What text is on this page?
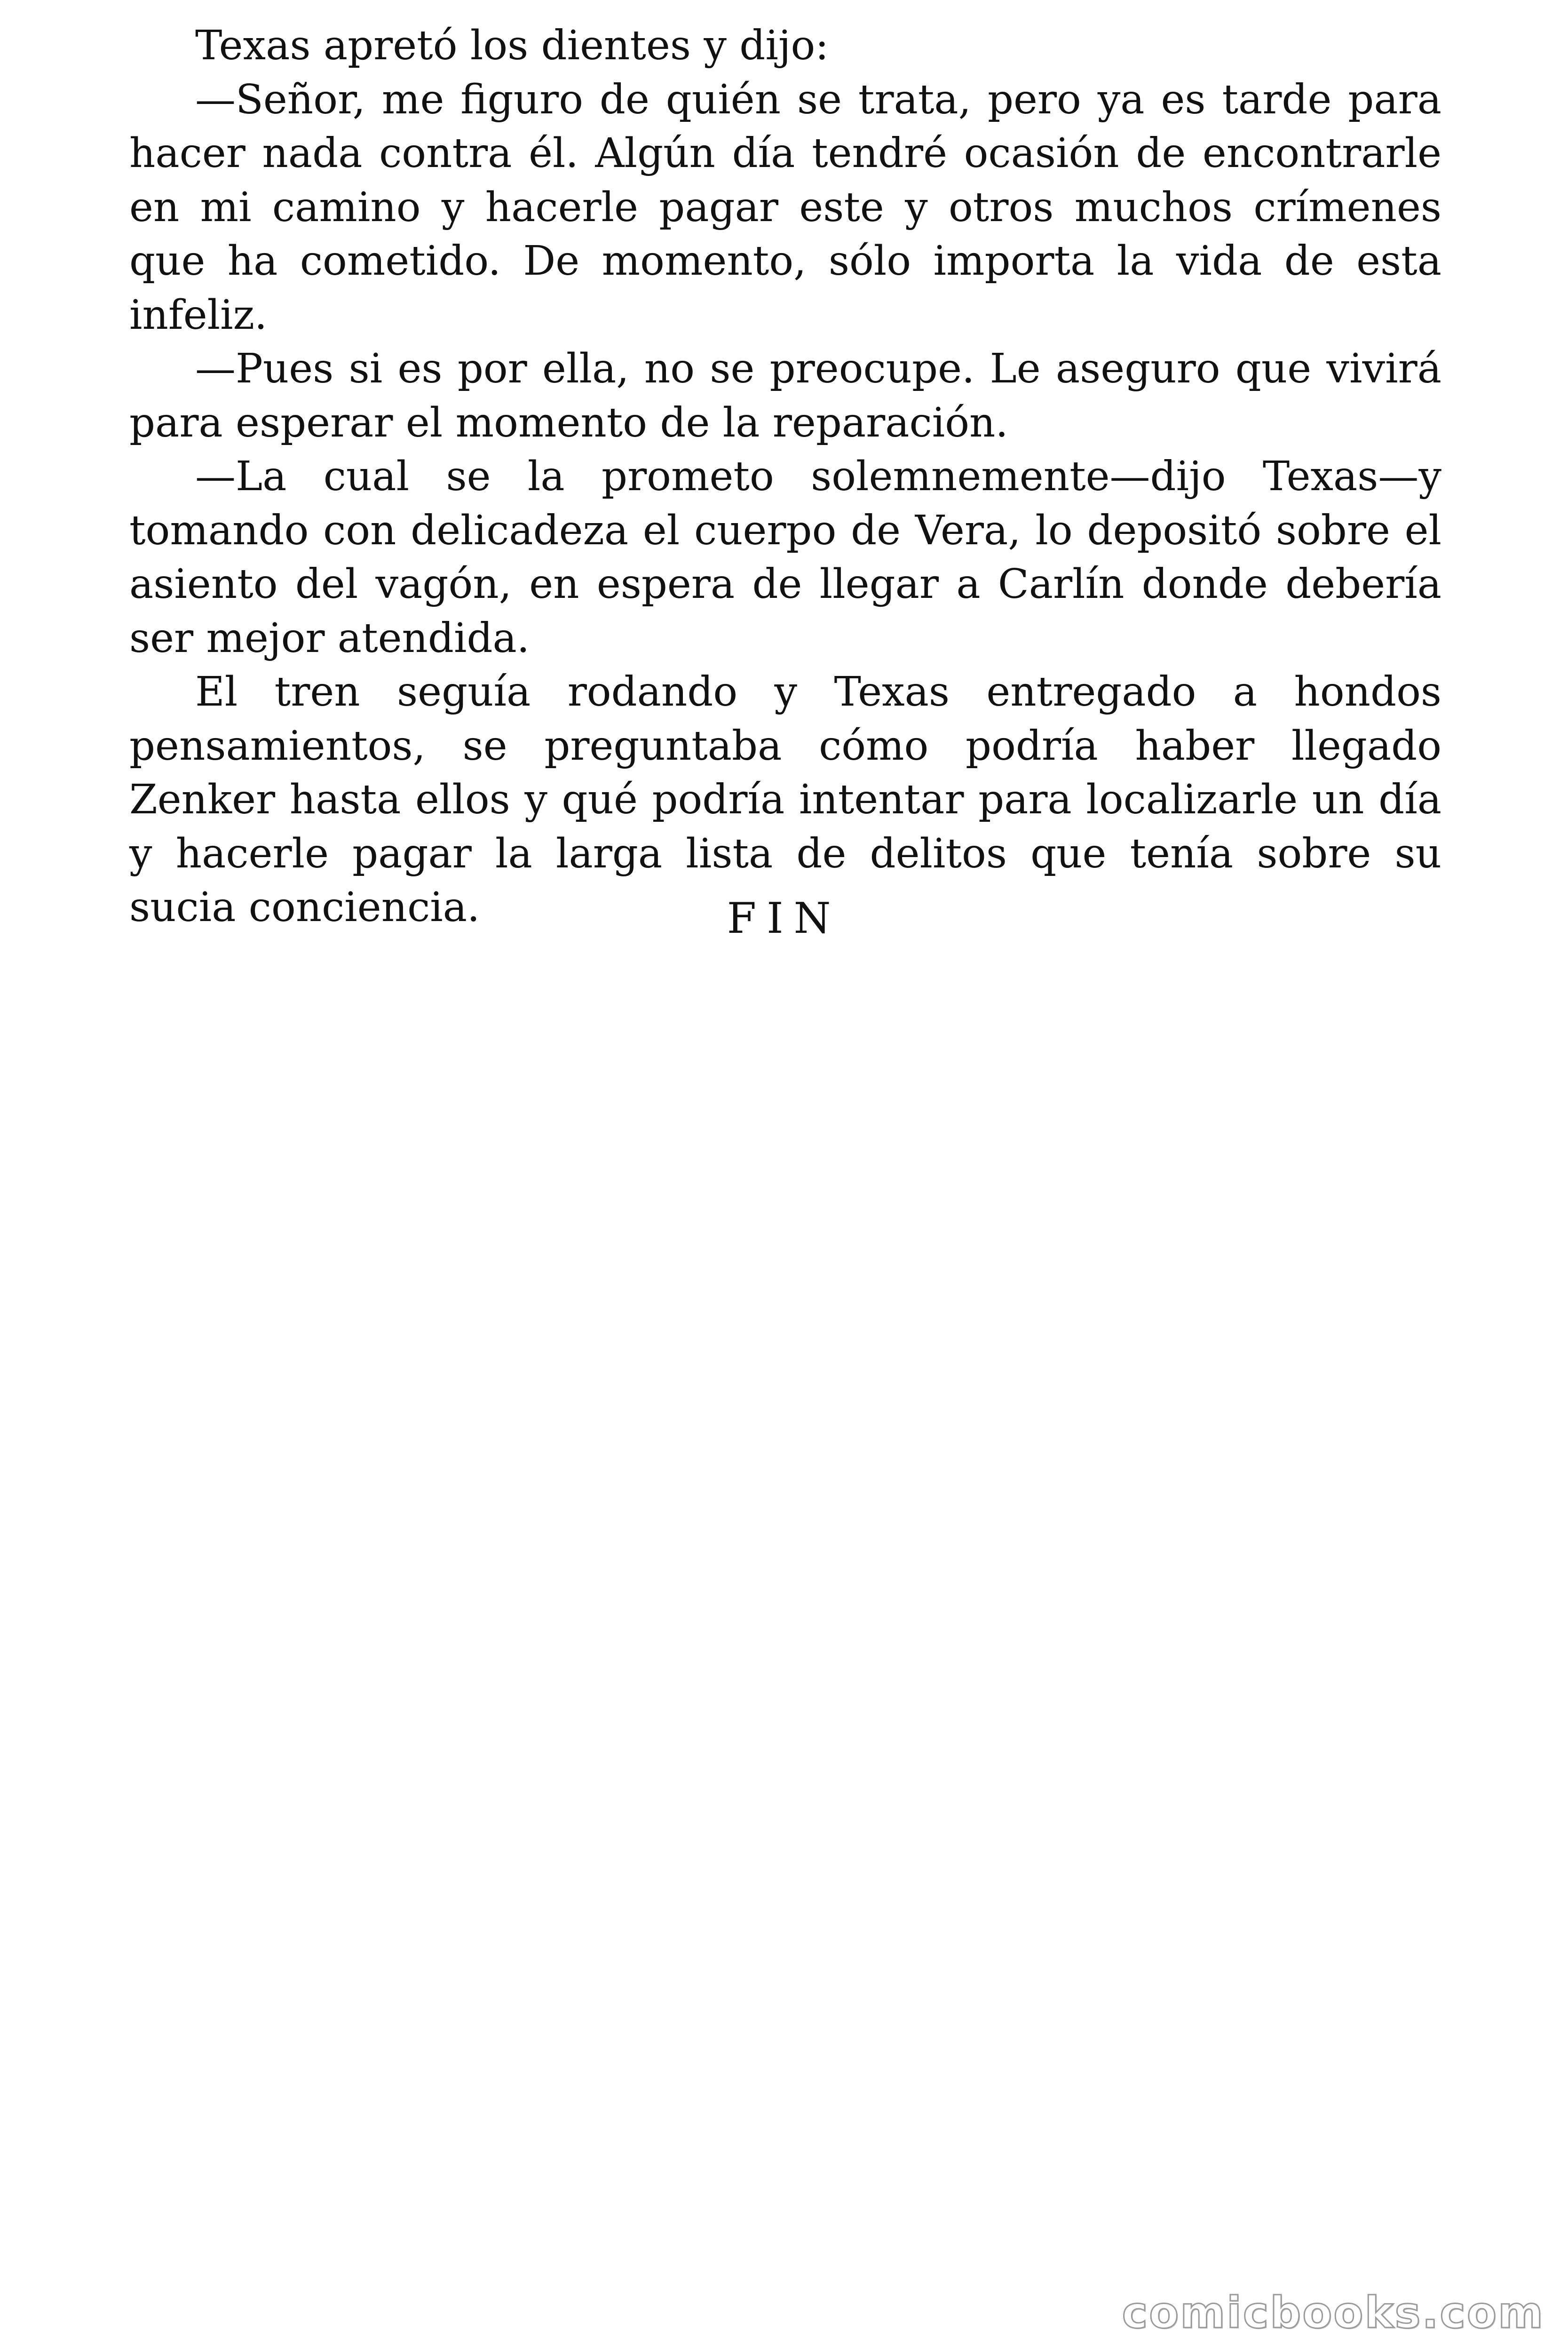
Texas apretó los dientes y dijo:

—Señor, me figuro de quién se trata, pero ya es tarde para hacer nada contra él. Algún día tendré ocasión de encontrarle en mi camino y hacerle pagar este y otros muchos crímenes que ha cometido. De momento, sólo importa la vida de esta infeliz.

—Pues si es por ella, no se preocupe. Le aseguro que vivirá para esperar el momento de la reparación.

—La cual se la prometo solemnemente—dijo Texas—y tomando con delicadeza el cuerpo de Vera, lo depositó sobre el asiento del vagón, en espera de llegar a Carlín donde debería ser mejor atendida.

El tren seguía rodando y Texas entregado a hondos pensamientos, se preguntaba cómo podría haber llegado Zenker hasta ellos y qué podría intentar para localizarle un día y hacerle pagar la larga lista de delitos que tenía sobre su sucia conciencia.	FIN
comicbooks.com
